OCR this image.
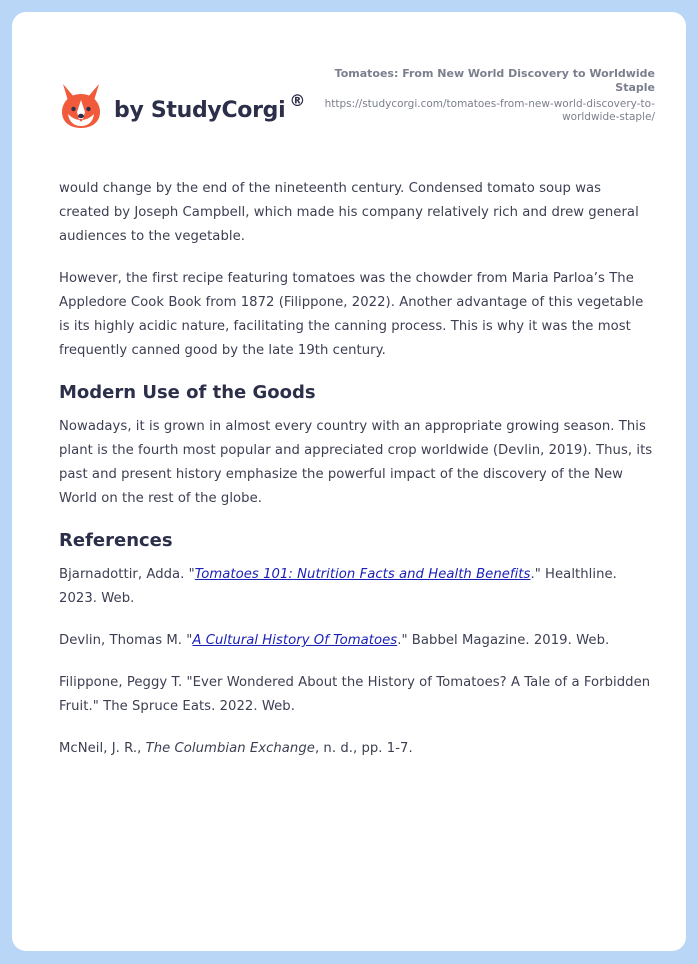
by StudyCorgi ®
Tomatoes: From New World Discovery to Worldwide Staple
https://studycorgi.com/tomatoes-from-new-world-discovery-to-worldwide-staple/

would change by the end of the nineteenth century. Condensed tomato soup was created by Joseph Campbell, which made his company relatively rich and drew general audiences to the vegetable.

However, the first recipe featuring tomatoes was the chowder from Maria Parloa’s The Appledore Cook Book from 1872 (Filippone, 2022). Another advantage of this vegetable is its highly acidic nature, facilitating the canning process. This is why it was the most frequently canned good by the late 19th century.

Modern Use of the Goods

Nowadays, it is grown in almost every country with an appropriate growing season. This plant is the fourth most popular and appreciated crop worldwide (Devlin, 2019). Thus, its past and present history emphasize the powerful impact of the discovery of the New World on the rest of the globe.

References

Bjarnadottir, Adda. "Tomatoes 101: Nutrition Facts and Health Benefits." Healthline. 2023. Web.

Devlin, Thomas M. "A Cultural History Of Tomatoes." Babbel Magazine. 2019. Web.

Filippone, Peggy T. "Ever Wondered About the History of Tomatoes? A Tale of a Forbidden Fruit." The Spruce Eats. 2022. Web.

McNeil, J. R., The Columbian Exchange, n. d., pp. 1-7.
